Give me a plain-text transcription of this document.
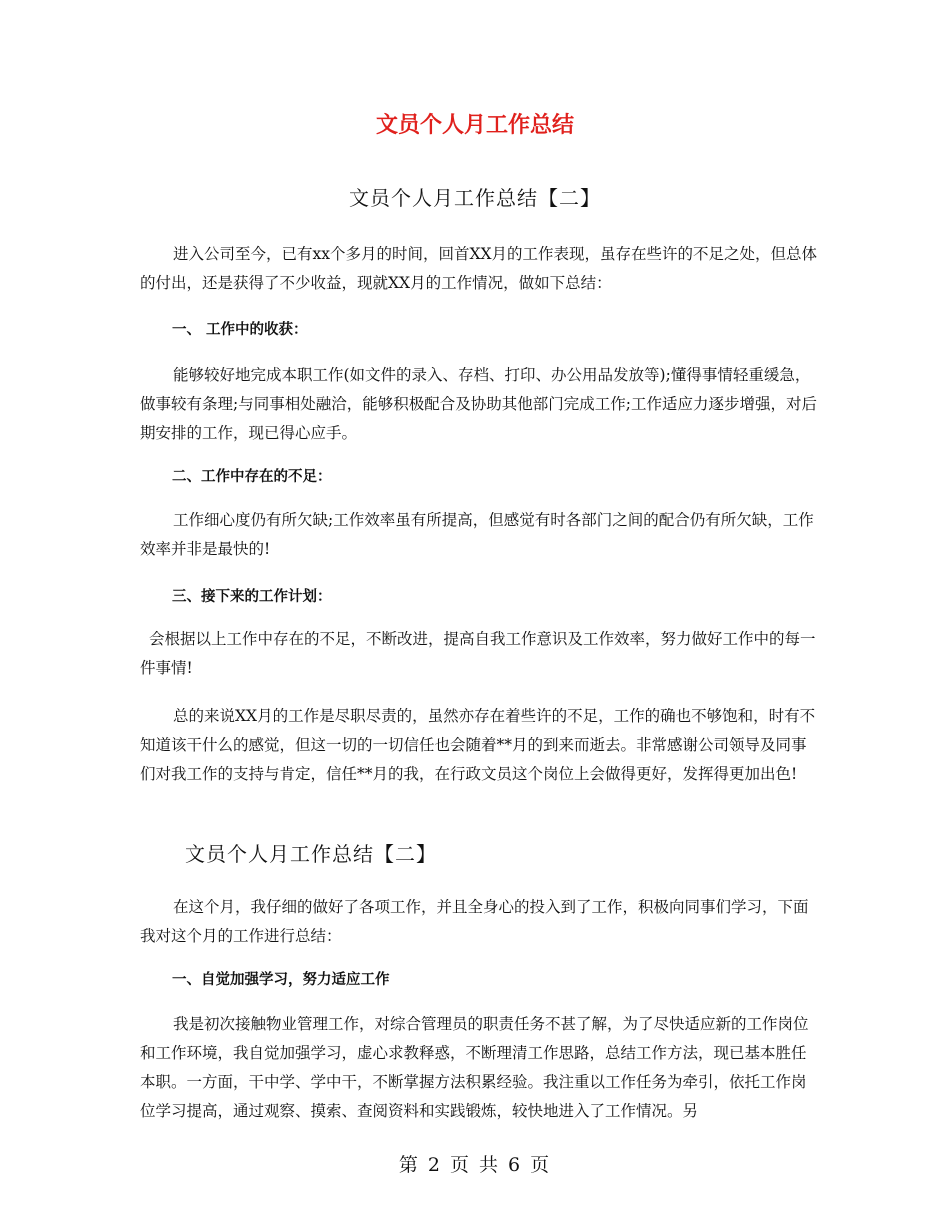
文员个人月工作总结
文员个人月工作总结【二】

进入公司至今，已有xx个多月的时间，回首XX月的工作表现，虽存在些许的不足之处，但总体的付出，还是获得了不少收益，现就XX月的工作情况，做如下总结：

一、 工作中的收获：

能够较好地完成本职工作(如文件的录入、存档、打印、办公用品发放等);懂得事情轻重缓急，做事较有条理;与同事相处融洽，能够积极配合及协助其他部门完成工作;工作适应力逐步增强，对后期安排的工作，现已得心应手。

二、工作中存在的不足：

工作细心度仍有所欠缺;工作效率虽有所提高，但感觉有时各部门之间的配合仍有所欠缺，工作效率并非是最快的!

三、接下来的工作计划：

会根据以上工作中存在的不足，不断改进，提高自我工作意识及工作效率，努力做好工作中的每一件事情!

总的来说XX月的工作是尽职尽责的，虽然亦存在着些许的不足，工作的确也不够饱和，时有不知道该干什么的感觉，但这一切的一切信任也会随着**月的到来而逝去。非常感谢公司领导及同事们对我工作的支持与肯定，信任**月的我，在行政文员这个岗位上会做得更好，发挥得更加出色!

文员个人月工作总结【二】

在这个月，我仔细的做好了各项工作，并且全身心的投入到了工作，积极向同事们学习，下面我对这个月的工作进行总结：

一、自觉加强学习，努力适应工作

我是初次接触物业管理工作，对综合管理员的职责任务不甚了解，为了尽快适应新的工作岗位和工作环境，我自觉加强学习，虚心求教释惑，不断理清工作思路，总结工作方法，现已基本胜任本职。一方面，干中学、学中干，不断掌握方法积累经验。我注重以工作任务为牵引，依托工作岗位学习提高，通过观察、摸索、查阅资料和实践锻炼，较快地进入了工作情况。另

第 2 页 共 6 页
